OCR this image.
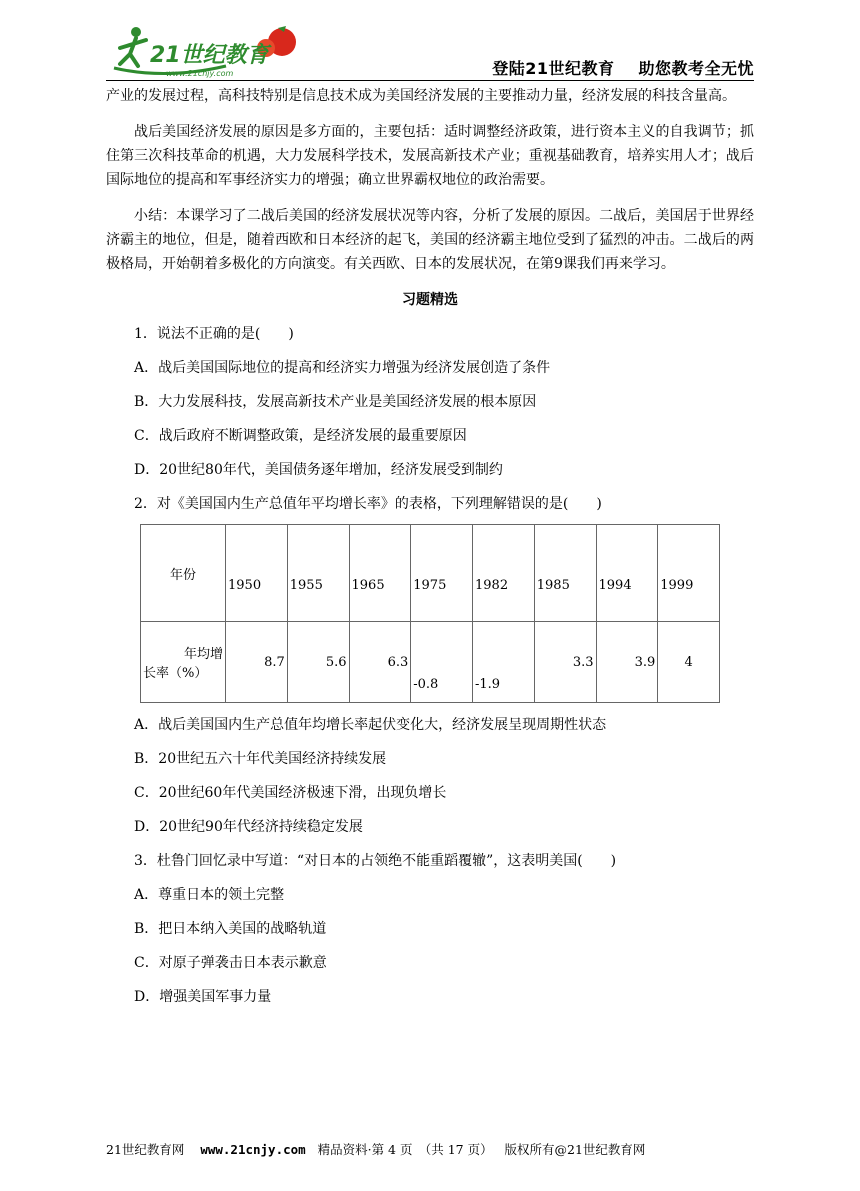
21世纪教育
www.21cnjy.com	登陆21世纪教育 助您教考全无忧

产业的发展过程，高科技特别是信息技术成为美国经济发展的主要推动力量，经济发展的科技含量高。

战后美国经济发展的原因是多方面的，主要包括：适时调整经济政策，进行资本主义的自我调节；抓住第三次科技革命的机遇，大力发展科学技术，发展高新技术产业；重视基础教育，培养实用人才；战后国际地位的提高和军事经济实力的增强；确立世界霸权地位的政治需要。

小结：本课学习了二战后美国的经济发展状况等内容，分析了发展的原因。二战后，美国居于世界经济霸主的地位，但是，随着西欧和日本经济的起飞，美国的经济霸主地位受到了猛烈的冲击。二战后的两极格局，开始朝着多极化的方向演变。有关西欧、日本的发展状况，在第9课我们再来学习。

习题精选

1．说法不正确的是(　　)

A．战后美国国际地位的提高和经济实力增强为经济发展创造了条件

B．大力发展科技，发展高新技术产业是美国经济发展的根本原因

C．战后政府不断调整政策，是经济发展的最重要原因

D．20世纪80年代，美国债务逐年增加，经济发展受到制约

2．对《美国国内生产总值年平均增长率》的表格，下列理解错误的是(　　)

年份	1950	1955	1965	1975	1982	1985	1994	1999

年均增
长率（%）	8.7	5.6	6.3	-0.8	-1.9	3.3	3.9	4

A．战后美国国内生产总值年均增长率起伏变化大，经济发展呈现周期性状态

B．20世纪五六十年代美国经济持续发展

C．20世纪60年代美国经济极速下滑，出现负增长

D．20世纪90年代经济持续稳定发展

3．杜鲁门回忆录中写道：“对日本的占领绝不能重蹈覆辙”，这表明美国(　　)

A．尊重日本的领土完整

B．把日本纳入美国的战略轨道

C．对原子弹袭击日本表示歉意

D．增强美国军事力量

21世纪教育网 www.21cnjy.com 精品资料·第 4 页　（共 17 页） 版权所有@21世纪教育网
